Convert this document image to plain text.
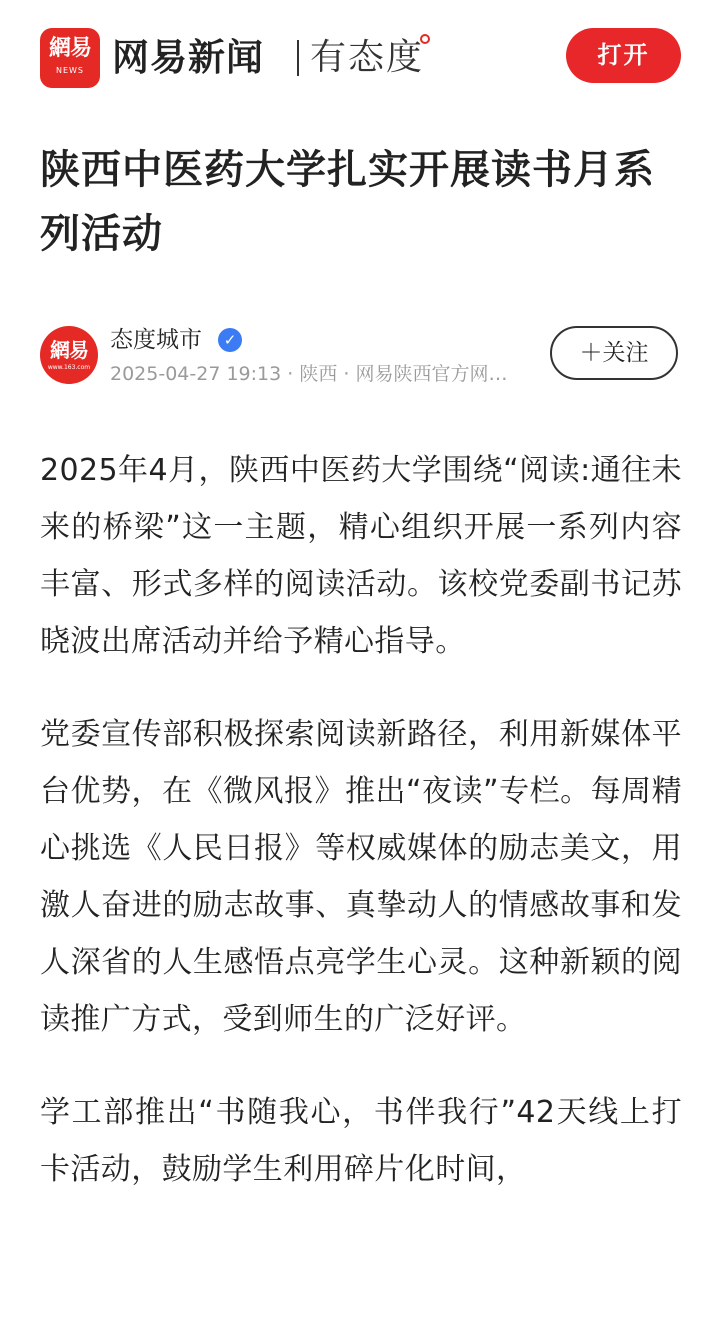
網易
NEWS 网易新闻 有态度	打开
陕西中医药大学扎实开展读书月系列活动
網易
www.163.com
态度城市	✓
2025-04-27 19:13 · 陕西 · 网易陕西官方网…
＋关注

2025年4月，陕西中医药大学围绕“阅读:通往未来的桥梁”这一主题，精心组织开展一系列内容丰富、形式多样的阅读活动。该校党委副书记苏晓波出席活动并给予精心指导。

党委宣传部积极探索阅读新路径，利用新媒体平台优势，在《微风报》推出“夜读”专栏。每周精心挑选《人民日报》等权威媒体的励志美文，用激人奋进的励志故事、真挚动人的情感故事和发人深省的人生感悟点亮学生心灵。这种新颖的阅读推广方式，受到师生的广泛好评。

学工部推出“书随我心，书伴我行”42天线上打卡活动，鼓励学生利用碎片化时间，
